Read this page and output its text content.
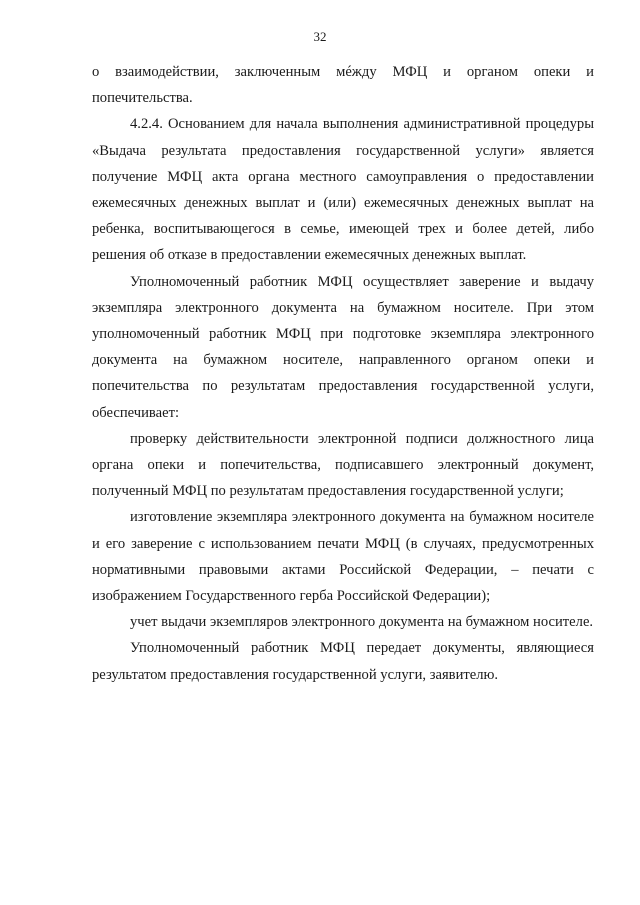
32

о взаимодействии, заключенным мéжду МФЦ и органом опеки и попечительства.

4.2.4. Основанием для начала выполнения административной процедуры «Выдача результата предоставления государственной услуги» является получение МФЦ акта органа местного самоуправления о предоставлении ежемесячных денежных выплат и (или) ежемесячных денежных выплат на ребенка, воспитывающегося в семье, имеющей трех и более детей, либо решения об отказе в предоставлении ежемесячных денежных выплат.

Уполномоченный работник МФЦ осуществляет заверение и выдачу экземпляра электронного документа на бумажном носителе. При этом уполномоченный работник МФЦ при подготовке экземпляра электронного документа на бумажном носителе, направленного органом опеки и попечительства по результатам предоставления государственной услуги, обеспечивает:

проверку действительности электронной подписи должностного лица органа опеки и попечительства, подписавшего электронный документ, полученный МФЦ по результатам предоставления государственной услуги;

изготовление экземпляра электронного документа на бумажном носителе и его заверение с использованием печати МФЦ (в случаях, предусмотренных нормативными правовыми актами Российской Федерации, – печати с изображением Государственного герба Российской Федерации);

учет выдачи экземпляров электронного документа на бумажном носителе.

Уполномоченный работник МФЦ передает документы, являющиеся результатом предоставления государственной услуги, заявителю.
